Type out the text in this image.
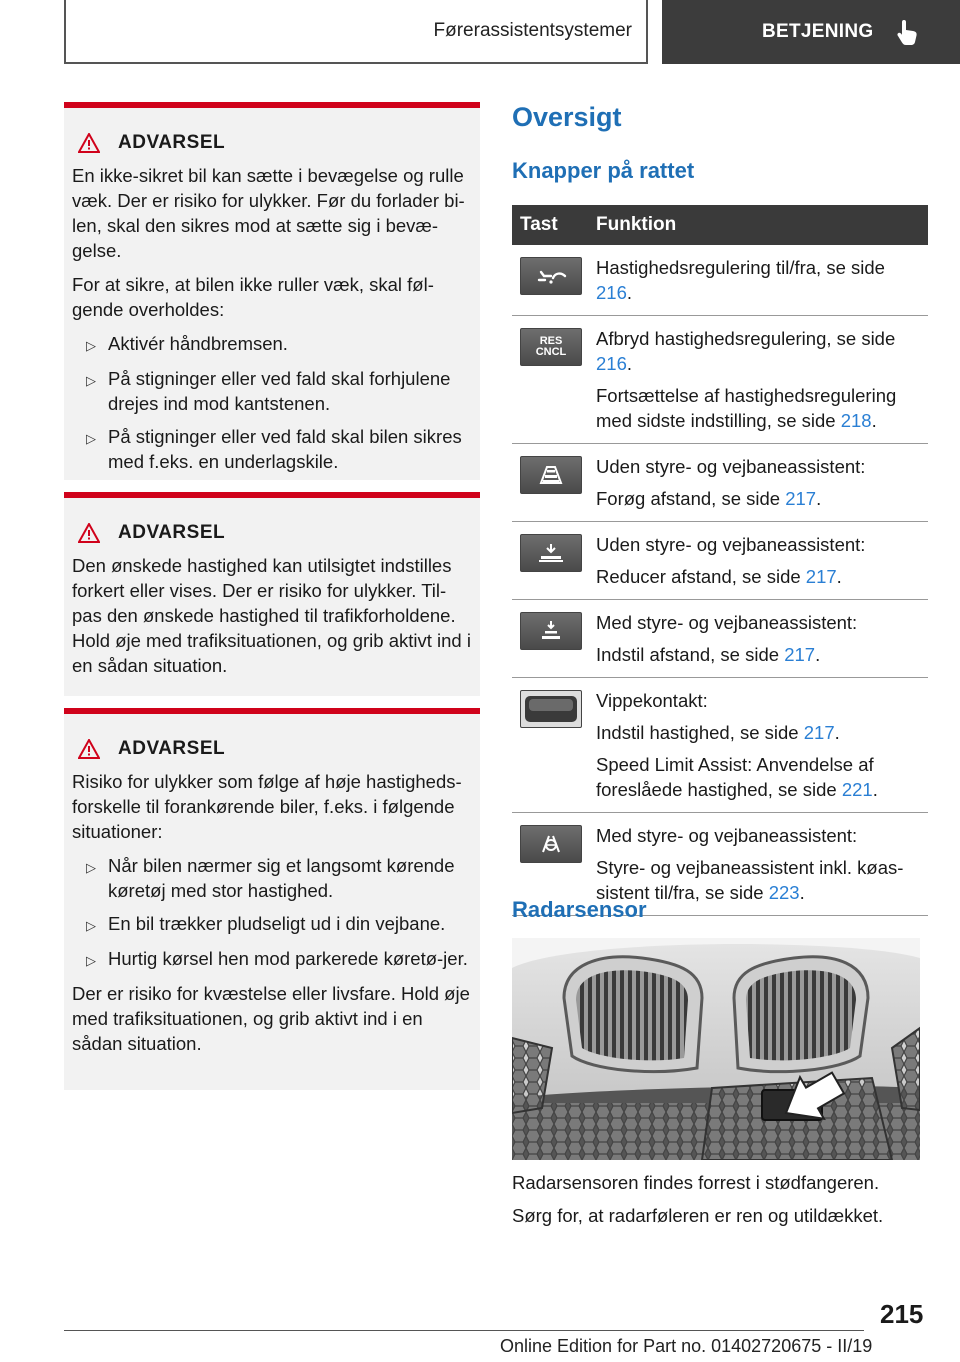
Førerassistentsystemer	BETJENING
ADVARSEL

En ikke-sikret bil kan sætte i bevægelse og rulle væk. Der er risiko for ulykker. Før du forlader bi-len, skal den sikres mod at sætte sig i bevæ-gelse.

For at sikre, at bilen ikke ruller væk, skal føl-gende overholdes:

▷ Aktivér håndbremsen.
▷ På stigninger eller ved fald skal forhjulene drejes ind mod kantstenen.
▷ På stigninger eller ved fald skal bilen sikres med f.eks. en underlagskile.
ADVARSEL

Den ønskede hastighed kan utilsigtet indstilles forkert eller vises. Der er risiko for ulykker. Til-pas den ønskede hastighed til trafikforholdene. Hold øje med trafiksituationen, og grib aktivt ind i en sådan situation.

ADVARSEL

Risiko for ulykker som følge af høje hastigheds-forskelle til forankørende biler, f.eks. i følgende situationer:

▷ Når bilen nærmer sig et langsomt kørende køretøj med stor hastighed.
▷ En bil trækker pludseligt ud i din vejbane.
▷ Hurtig kørsel hen mod parkerede køretø-jer.

Der er risiko for kvæstelse eller livsfare. Hold øje med trafiksituationen, og grib aktivt ind i en sådan situation.

Oversigt
Knapper på rattet
Tast	Funktion

Hastighedsregulering til/fra, se side 216.

RES CNCL

Afbryd hastighedsregulering, se side 216.

Fortsættelse af hastighedsregulering med sidste indstilling, se side 218.

Uden styre- og vejbaneassistent:

Forøg afstand, se side 217.

Uden styre- og vejbaneassistent:

Reducer afstand, se side 217.

Med styre- og vejbaneassistent:

Indstil afstand, se side 217.

Vippekontakt:

Indstil hastighed, se side 217.

Speed Limit Assist: Anvendelse af foreslåede hastighed, se side 221.

Med styre- og vejbaneassistent:

Styre- og vejbaneassistent inkl. køas-sistent til/fra, se side 223.

Radarsensor
Radarsensoren findes forrest i stødfangeren.
Sørg for, at radarføleren er ren og utildækket.
215
Online Edition for Part no. 01402720675 - II/19
